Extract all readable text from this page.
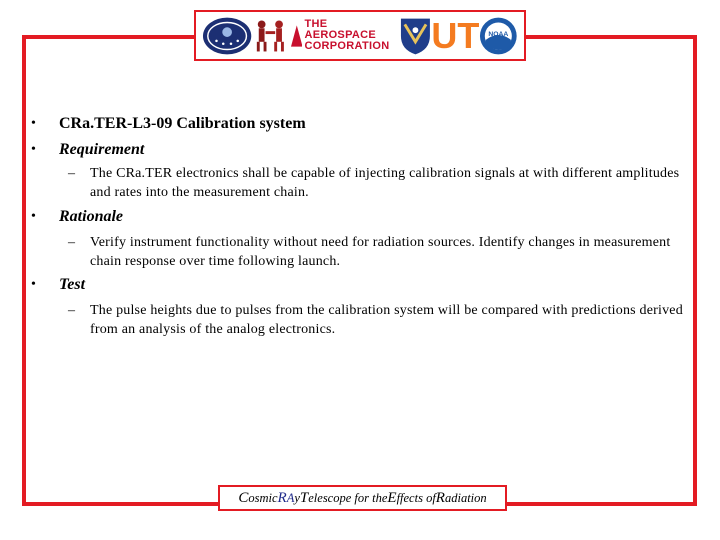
THE AEROSPACE
CORPORATION UT NOAA
•	CRa.TER-L3-09 Calibration system
•	Requirement
–	The CRa.TER electronics shall be capable of injecting calibration signals at with different amplitudes and rates into the measurement chain.
•	Rationale
–	Verify instrument functionality without need for radiation sources. Identify changes in measurement chain response over time following launch.
•	Test
–	The pulse heights due to pulses from the calibration system will be compared with predictions derived from an analysis of the analog electronics.
C osmic R A y T elescope for the E ffects of R adiation
